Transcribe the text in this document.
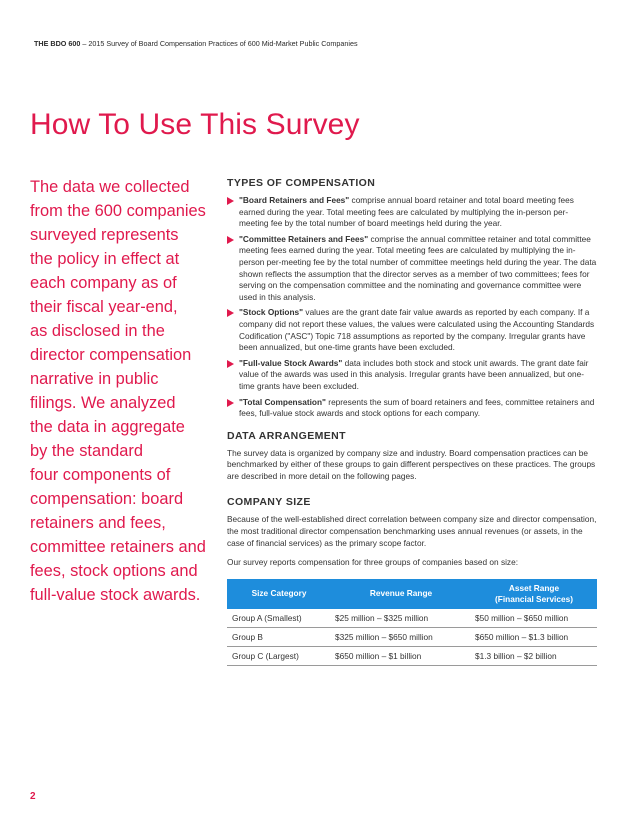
THE BDO 600 – 2015 Survey of Board Compensation Practices of 600 Mid-Market Public Companies
How To Use This Survey
The data we collected
from the 600 companies
surveyed represents
the policy in effect at
each company as of
their fiscal year-end,
as disclosed in the
director compensation
narrative in public
filings. We analyzed
the data in aggregate
by the standard
four components of
compensation: board
retainers and fees,
committee retainers and
fees, stock options and
full-value stock awards.
TYPES OF COMPENSATION
"Board Retainers and Fees" comprise annual board retainer and total board meeting fees earned during the year. Total meeting fees are calculated by multiplying the in-person per-meeting fee by the total number of board meetings held during the year.
"Committee Retainers and Fees" comprise the annual committee retainer and total committee meeting fees earned during the year. Total meeting fees are calculated by multiplying the in-person per-meeting fee by the total number of committee meetings held during the year. The data shown reflects the assumption that the director serves as a member of two committees; fees for serving on the compensation committee and the nominating and governance committee were used in this analysis.
"Stock Options" values are the grant date fair value awards as reported by each company. If a company did not report these values, the values were calculated using the Accounting Standards Codification ("ASC") Topic 718 assumptions as reported by the company. Irregular grants have been annualized, but one-time grants have been excluded.
"Full-value Stock Awards" data includes both stock and stock unit awards. The grant date fair value of the awards was used in this analysis. Irregular grants have been annualized, but one-time grants have been excluded.
"Total Compensation" represents the sum of board retainers and fees, committee retainers and fees, full-value stock awards and stock options for each company.
DATA ARRANGEMENT

The survey data is organized by company size and industry. Board compensation practices can be benchmarked by either of these groups to gain different perspectives on these practices. The groups are described in more detail on the following pages.

COMPANY SIZE

Because of the well-established direct correlation between company size and director compensation, the most traditional director compensation benchmarking uses annual revenues (or assets, in the case of financial services) as the primary scope factor.

Our survey reports compensation for three groups of companies based on size:

Size Category	Revenue Range	Asset Range
(Financial Services)
Group A (Smallest)	$25 million – $325 million	$50 million – $650 million
Group B	$325 million – $650 million	$650 million – $1.3 billion
Group C (Largest)	$650 million – $1 billion	$1.3 billion – $2 billion
2
